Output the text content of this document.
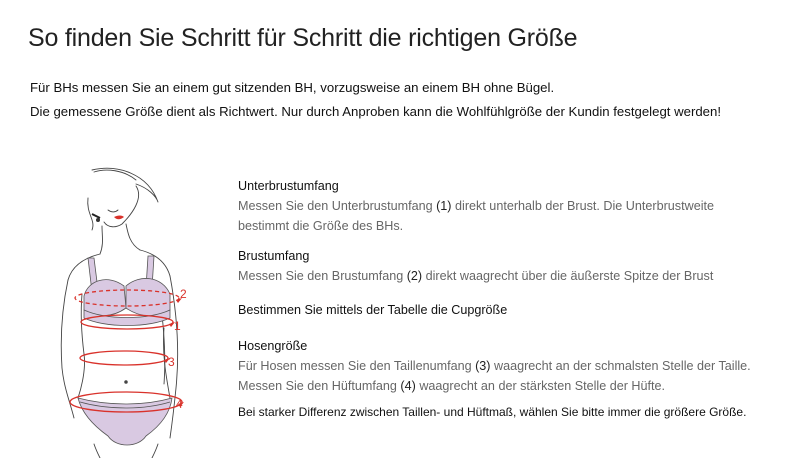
So finden Sie Schritt für Schritt die richtigen Größe
Für BHs messen Sie an einem gut sitzenden BH, vorzugsweise an einem BH ohne Bügel.
Die gemessene Größe dient als Richtwert. Nur durch Anproben kann die Wohlfühlgröße der Kundin festgelegt werden!
2
1
3
4
Unterbrustumfang
Messen Sie den Unterbrustumfang (1) direkt unterhalb der Brust. Die Unterbrustweite
bestimmt die Größe des BHs.
Brustumfang
Messen Sie den Brustumfang (2) direkt waagrecht über die äußerste Spitze der Brust
Bestimmen Sie mittels der Tabelle die Cupgröße
Hosengröße
Für Hosen messen Sie den Taillenumfang (3) waagrecht an der schmalsten Stelle der Taille.
Messen Sie den Hüftumfang (4) waagrecht an der stärksten Stelle der Hüfte.
Bei starker Differenz zwischen Taillen- und Hüftmaß, wählen Sie bitte immer die größere Größe.
